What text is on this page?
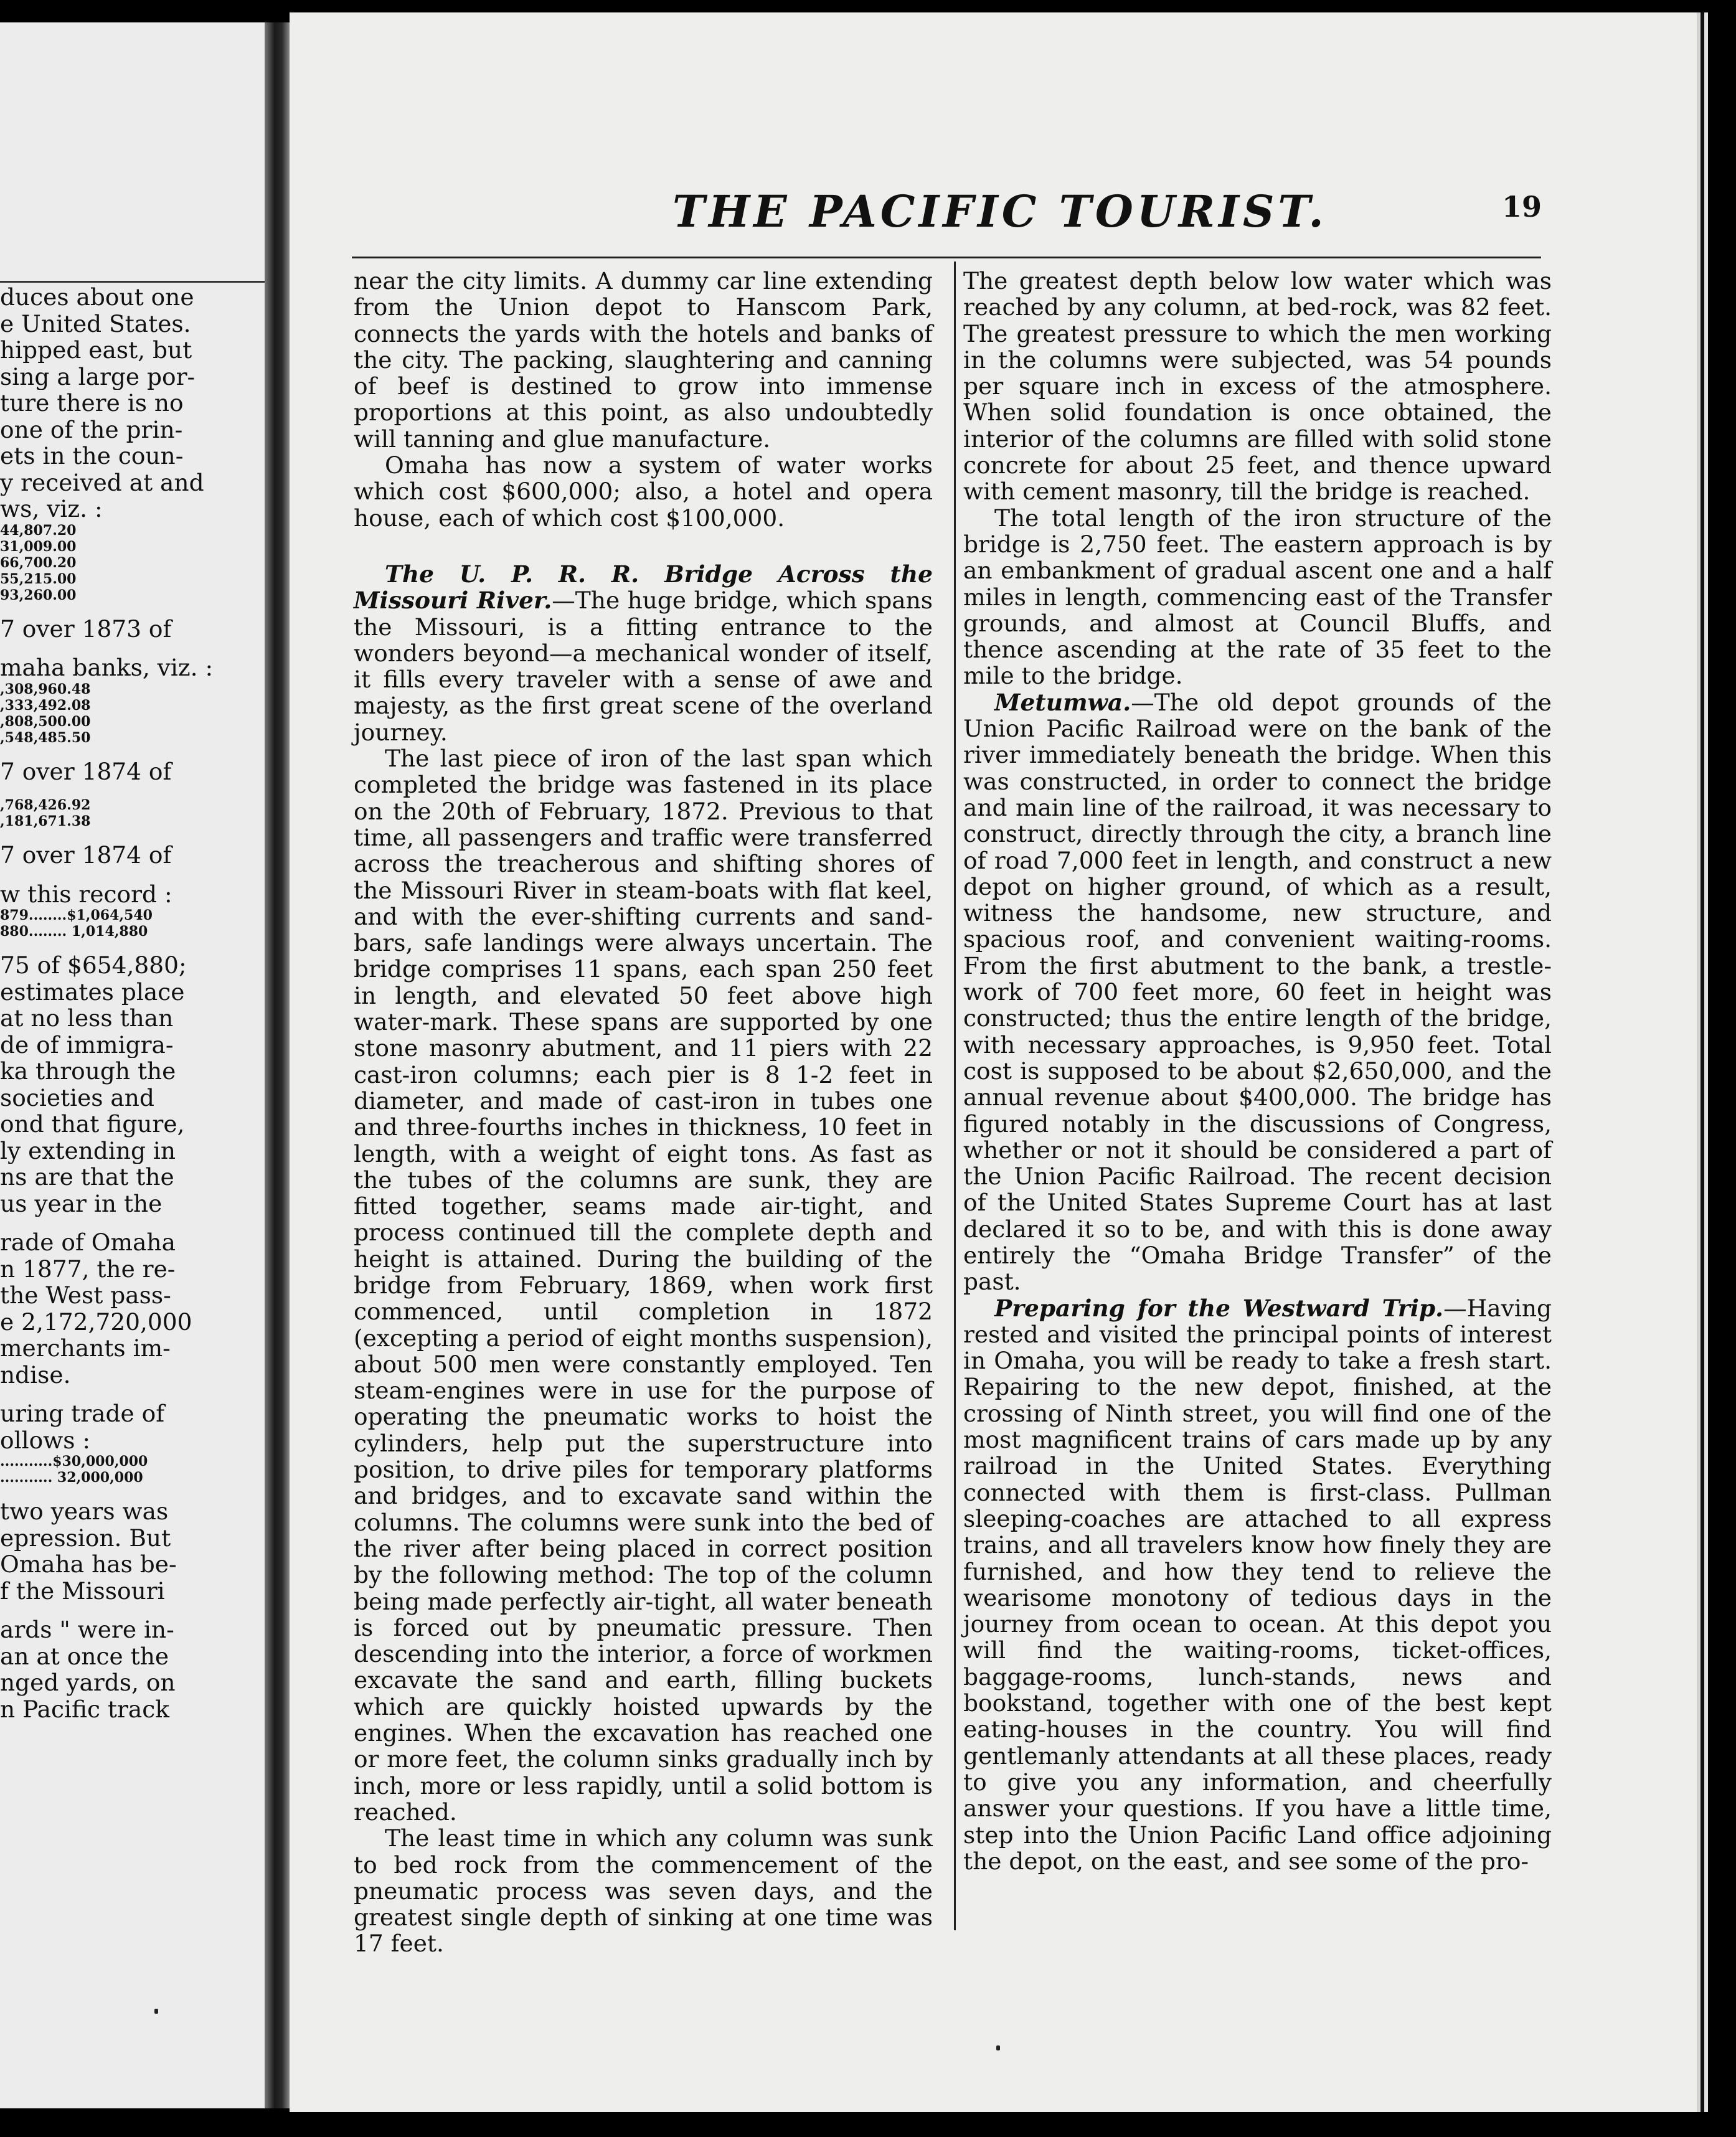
duces about one
e United States.
hipped east, but
sing a large por-
ture there is no
one of the prin-
ets in the coun-
y received at and
ws, viz. :
44,807.20
31,009.00
66,700.20
55,215.00
93,260.00
7 over 1873 of
maha banks, viz. :
,308,960.48
,333,492.08
,808,500.00
,548,485.50
7 over 1874 of
,768,426.92
,181,671.38
7 over 1874 of
w this record :
879........$1,064,540
880........ 1,014,880
75 of $654,880;
estimates place
at no less than
de of immigra-
ka through the
societies and
ond that figure,
ly extending in
ns are that the
us year in the
rade of Omaha
n 1877, the re-
the West pass-
e 2,172,720,000
merchants im-
ndise.
uring trade of
ollows :
...........$30,000,000
........... 32,000,000
two years was
epression. But
Omaha has be-
f the Missouri
ards " were in-
an at once the
nged yards, on
n Pacific track
THE PACIFIC TOURIST.	19

near the city limits. A dummy car line extending from the Union depot to Hanscom Park, connects the yards with the hotels and banks of the city. The packing, slaughtering and canning of beef is destined to grow into immense proportions at this point, as also undoubtedly will tanning and glue manufacture.

Omaha has now a system of water works which cost $600,000; also, a hotel and opera house, each of which cost $100,000.

The U. P. R. R. Bridge Across the Missouri River.—The huge bridge, which spans the Missouri, is a fitting entrance to the wonders beyond—a mechanical wonder of itself, it fills every traveler with a sense of awe and majesty, as the first great scene of the overland journey.

The last piece of iron of the last span which completed the bridge was fastened in its place on the 20th of February, 1872. Previous to that time, all passengers and traffic were transferred across the treacherous and shifting shores of the Missouri River in steam-boats with flat keel, and with the ever-shifting currents and sand-bars, safe landings were always uncertain. The bridge comprises 11 spans, each span 250 feet in length, and elevated 50 feet above high water-mark. These spans are supported by one stone masonry abutment, and 11 piers with 22 cast-iron columns; each pier is 8 1-2 feet in diameter, and made of cast-iron in tubes one and three-fourths inches in thickness, 10 feet in length, with a weight of eight tons. As fast as the tubes of the columns are sunk, they are fitted together, seams made air-tight, and process continued till the complete depth and height is attained. During the building of the bridge from February, 1869, when work first commenced, until completion in 1872 (excepting a period of eight months suspension), about 500 men were constantly employed. Ten steam-engines were in use for the purpose of operating the pneumatic works to hoist the cylinders, help put the superstructure into position, to drive piles for temporary platforms and bridges, and to excavate sand within the columns. The columns were sunk into the bed of the river after being placed in correct position by the following method: The top of the column being made perfectly air-tight, all water beneath is forced out by pneumatic pressure. Then descending into the interior, a force of workmen excavate the sand and earth, filling buckets which are quickly hoisted upwards by the engines. When the excavation has reached one or more feet, the column sinks gradually inch by inch, more or less rapidly, until a solid bottom is reached.

The least time in which any column was sunk to bed rock from the commencement of the pneumatic process was seven days, and the greatest single depth of sinking at one time was 17 feet.

The greatest depth below low water which was reached by any column, at bed-rock, was 82 feet. The greatest pressure to which the men working in the columns were subjected, was 54 pounds per square inch in excess of the atmosphere. When solid foundation is once obtained, the interior of the columns are filled with solid stone concrete for about 25 feet, and thence upward with cement masonry, till the bridge is reached.

The total length of the iron structure of the bridge is 2,750 feet. The eastern approach is by an embankment of gradual ascent one and a half miles in length, commencing east of the Transfer grounds, and almost at Council Bluffs, and thence ascending at the rate of 35 feet to the mile to the bridge.

Metumwa.—The old depot grounds of the Union Pacific Railroad were on the bank of the river immediately beneath the bridge. When this was constructed, in order to connect the bridge and main line of the railroad, it was necessary to construct, directly through the city, a branch line of road 7,000 feet in length, and construct a new depot on higher ground, of which as a result, witness the handsome, new structure, and spacious roof, and convenient waiting-rooms. From the first abutment to the bank, a trestle-work of 700 feet more, 60 feet in height was constructed; thus the entire length of the bridge, with necessary approaches, is 9,950 feet. Total cost is supposed to be about $2,650,000, and the annual revenue about $400,000. The bridge has figured notably in the discussions of Congress, whether or not it should be considered a part of the Union Pacific Railroad. The recent decision of the United States Supreme Court has at last declared it so to be, and with this is done away entirely the “Omaha Bridge Transfer” of the past.

Preparing for the Westward Trip.—Having rested and visited the principal points of interest in Omaha, you will be ready to take a fresh start. Repairing to the new depot, finished, at the crossing of Ninth street, you will find one of the most magnificent trains of cars made up by any railroad in the United States. Everything connected with them is first-class. Pullman sleeping-coaches are attached to all express trains, and all travelers know how finely they are furnished, and how they tend to relieve the wearisome monotony of tedious days in the journey from ocean to ocean. At this depot you will find the waiting-rooms, ticket-offices, baggage-rooms, lunch-stands, news and bookstand, together with one of the best kept eating-houses in the country. You will find gentlemanly attendants at all these places, ready to give you any information, and cheerfully answer your questions. If you have a little time, step into the Union Pacific Land office adjoining the depot, on the east, and see some of the pro-
